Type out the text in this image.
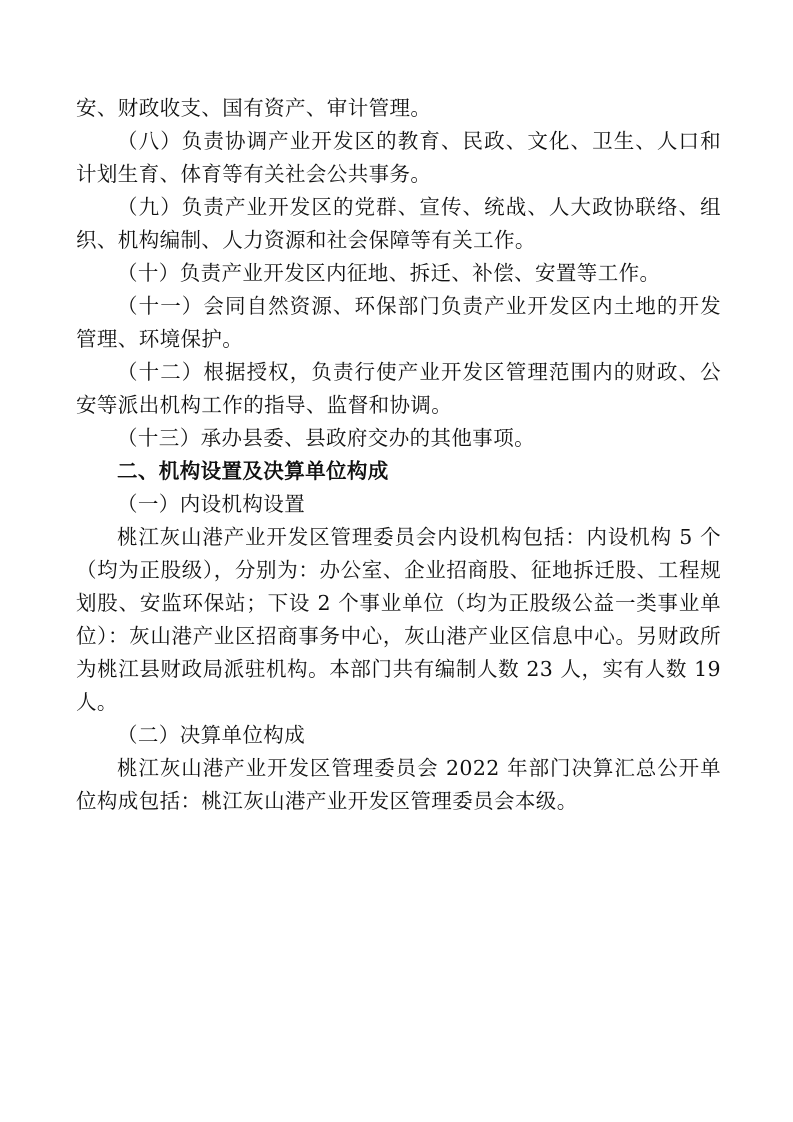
安、财政收支、国有资产、审计管理。

（八）负责协调产业开发区的教育、民政、文化、卫生、人口和计划生育、体育等有关社会公共事务。

（九）负责产业开发区的党群、宣传、统战、人大政协联络、组织、机构编制、人力资源和社会保障等有关工作。

（十）负责产业开发区内征地、拆迁、补偿、安置等工作。

（十一）会同自然资源、环保部门负责产业开发区内土地的开发管理、环境保护。

（十二）根据授权，负责行使产业开发区管理范围内的财政、公安等派出机构工作的指导、监督和协调。

（十三）承办县委、县政府交办的其他事项。

二、机构设置及决算单位构成

（一）内设机构设置

桃江灰山港产业开发区管理委员会内设机构包括：内设机构 5 个（均为正股级），分别为：办公室、企业招商股、征地拆迁股、工程规划股、安监环保站；下设 2 个事业单位（均为正股级公益一类事业单位）：灰山港产业区招商事务中心，灰山港产业区信息中心。另财政所为桃江县财政局派驻机构。本部门共有编制人数 23 人，实有人数 19 人。

（二）决算单位构成

桃江灰山港产业开发区管理委员会 2022 年部门决算汇总公开单位构成包括：桃江灰山港产业开发区管理委员会本级。
